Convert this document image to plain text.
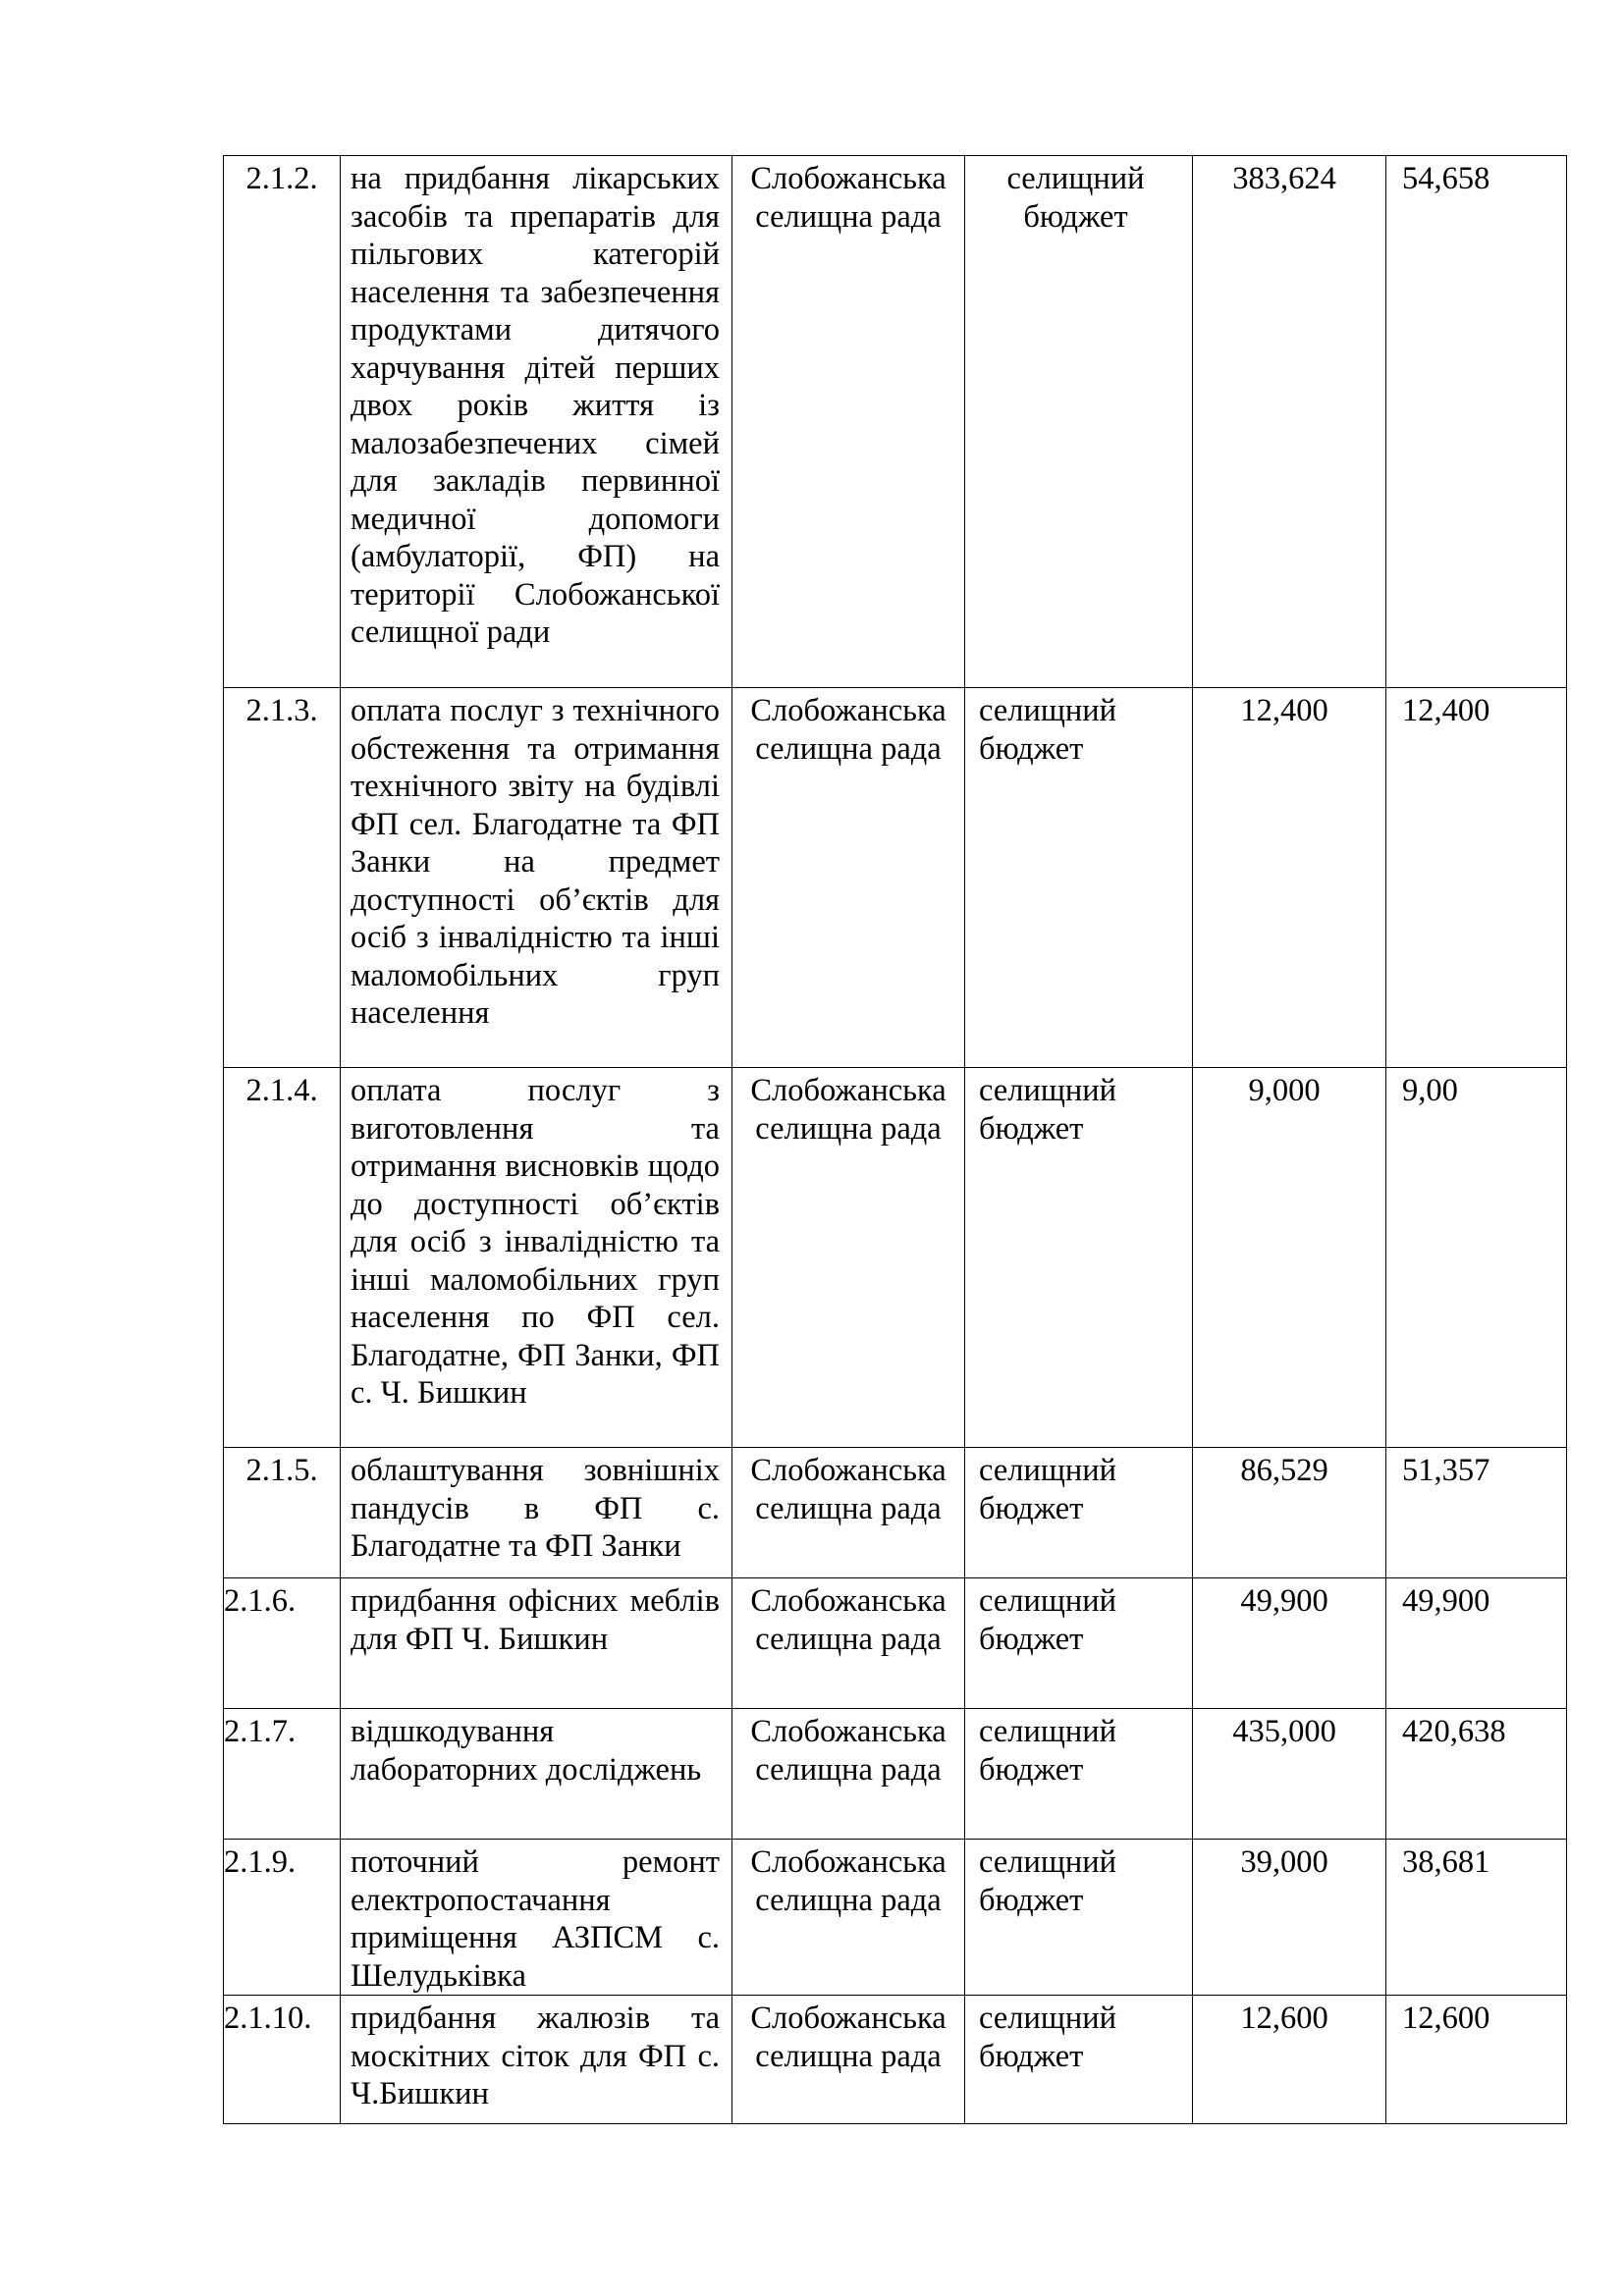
2.1.2.	на придбання лікарських засобів та препаратів для пільгових категорій населення та забезпечення продуктами дитячого харчування дітей перших двох років життя із малозабезпечених сімей для закладів первинної медичної допомоги (амбулаторії, ФП) на території Слобожанської селищної ради	Слобожанська селищна рада	селищний бюджет	383,624	54,658
2.1.3.	оплата послуг з технічного обстеження та отримання технічного звіту на будівлі ФП сел. Благодатне та ФП Занки на предмет доступності об’єктів для осіб з інвалідністю та інші маломобільних груп населення	Слобожанська селищна рада	селищний бюджет	12,400	12,400
2.1.4.	оплата послуг з виготовлення та отримання висновків щодо до доступності об’єктів для осіб з інвалідністю та інші маломобільних груп населення по ФП сел. Благодатне, ФП Занки, ФП с. Ч. Бишкин	Слобожанська селищна рада	селищний бюджет	9,000	9,00
2.1.5.	облаштування зовнішніх пандусів в ФП с. Благодатне та ФП Занки	Слобожанська селищна рада	селищний бюджет	86,529	51,357
2.1.6.	придбання офісних меблів для ФП Ч. Бишкин	Слобожанська селищна рада	селищний бюджет	49,900	49,900
2.1.7.	відшкодування лабораторних досліджень	Слобожанська селищна рада	селищний бюджет	435,000	420,638
2.1.9.	поточний ремонт електропостачання приміщення АЗПСМ с. Шелудьківка	Слобожанська селищна рада	селищний бюджет	39,000	38,681
2.1.10.	придбання жалюзів та москітних сіток для ФП с. Ч.Бишкин	Слобожанська селищна рада	селищний бюджет	12,600	12,600
